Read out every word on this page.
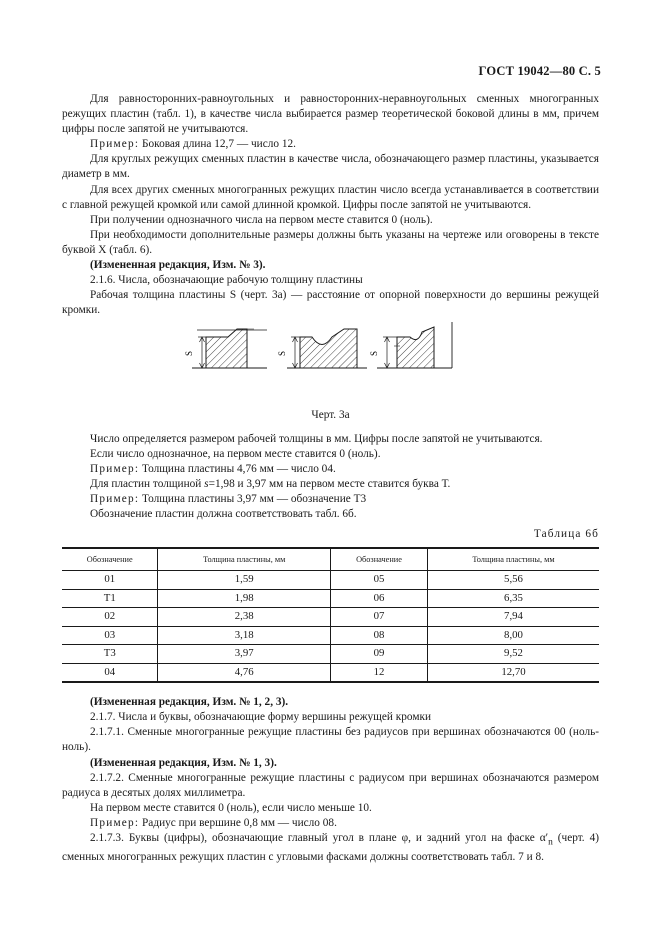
ГОСТ 19042—80 С. 5

Для равносторонних-равноугольных и равносторонних-неравноугольных сменных многогранных режущих пластин (табл. 1), в качестве числа выбирается размер теоретической боковой длины в мм, причем цифры после запятой не учитываются.

Пример: Боковая длина 12,7 — число 12.

Для круглых режущих сменных пластин в качестве числа, обозначающего размер пластины, указывается диаметр в мм.

Для всех других сменных многогранных режущих пластин число всегда устанавливается в соответствии с главной режущей кромкой или самой длинной кромкой. Цифры после запятой не учитываются.

При получении однозначного числа на первом месте ставится 0 (ноль).

При необходимости дополнительные размеры должны быть указаны на чертеже или оговорены в тексте буквой X (табл. 6).

(Измененная редакция, Изм. № 3).

2.1.6. Числа, обозначающие рабочую толщину пластины

Рабочая толщина пластины S (черт. 3а) — расстояние от опорной поверхности до вершины режущей кромки.

S	S	S

Черт. 3а

Число определяется размером рабочей толщины в мм. Цифры после запятой не учитываются.

Если число однозначное, на первом месте ставится 0 (ноль).

Пример: Толщина пластины 4,76 мм — число 04.

Для пластин толщиной s=1,98 и 3,97 мм на первом месте ставится буква Т.

Пример: Толщина пластины 3,97 мм — обозначение Т3

Обозначение пластин должна соответствовать табл. 6б.

Таблица 6б

Обозначение	Толщина пластины, мм	Обозначение	Толщина пластины, мм
01	1,59	05	5,56
Т1	1,98	06	6,35
02	2,38	07	7,94
03	3,18	08	8,00
Т3	3,97	09	9,52
04	4,76	12	12,70

(Измененная редакция, Изм. № 1, 2, 3).

2.1.7. Числа и буквы, обозначающие форму вершины режущей кромки

2.1.7.1. Сменные многогранные режущие пластины без радиусов при вершинах обозначаются 00 (ноль-ноль).

(Измененная редакция, Изм. № 1, 3).

2.1.7.2. Сменные многогранные режущие пластины с радиусом при вершинах обозначаются размером радиуса в десятых долях миллиметра.

На первом месте ставится 0 (ноль), если число меньше 10.

Пример: Радиус при вершине 0,8 мм — число 08.

2.1.7.3. Буквы (цифры), обозначающие главный угол в плане φ, и задний угол на фаске $\alpha'_n$ (черт. 4) сменных многогранных режущих пластин с угловыми фасками должны соответствовать табл. 7 и 8.
